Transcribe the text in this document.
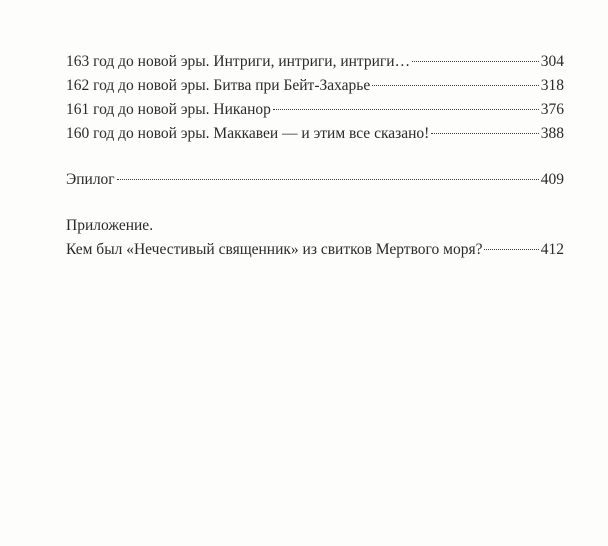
163 год до новой эры. Интриги, интриги, интриги…	304
162 год до новой эры. Битва при Бейт-Захарье	318
161 год до новой эры. Никанор	376
160 год до новой эры. Маккавеи — и этим все сказано!	388
Эпилог	409
Приложение.
Кем был «Нечестивый священник» из свитков Мертвого моря?	412
